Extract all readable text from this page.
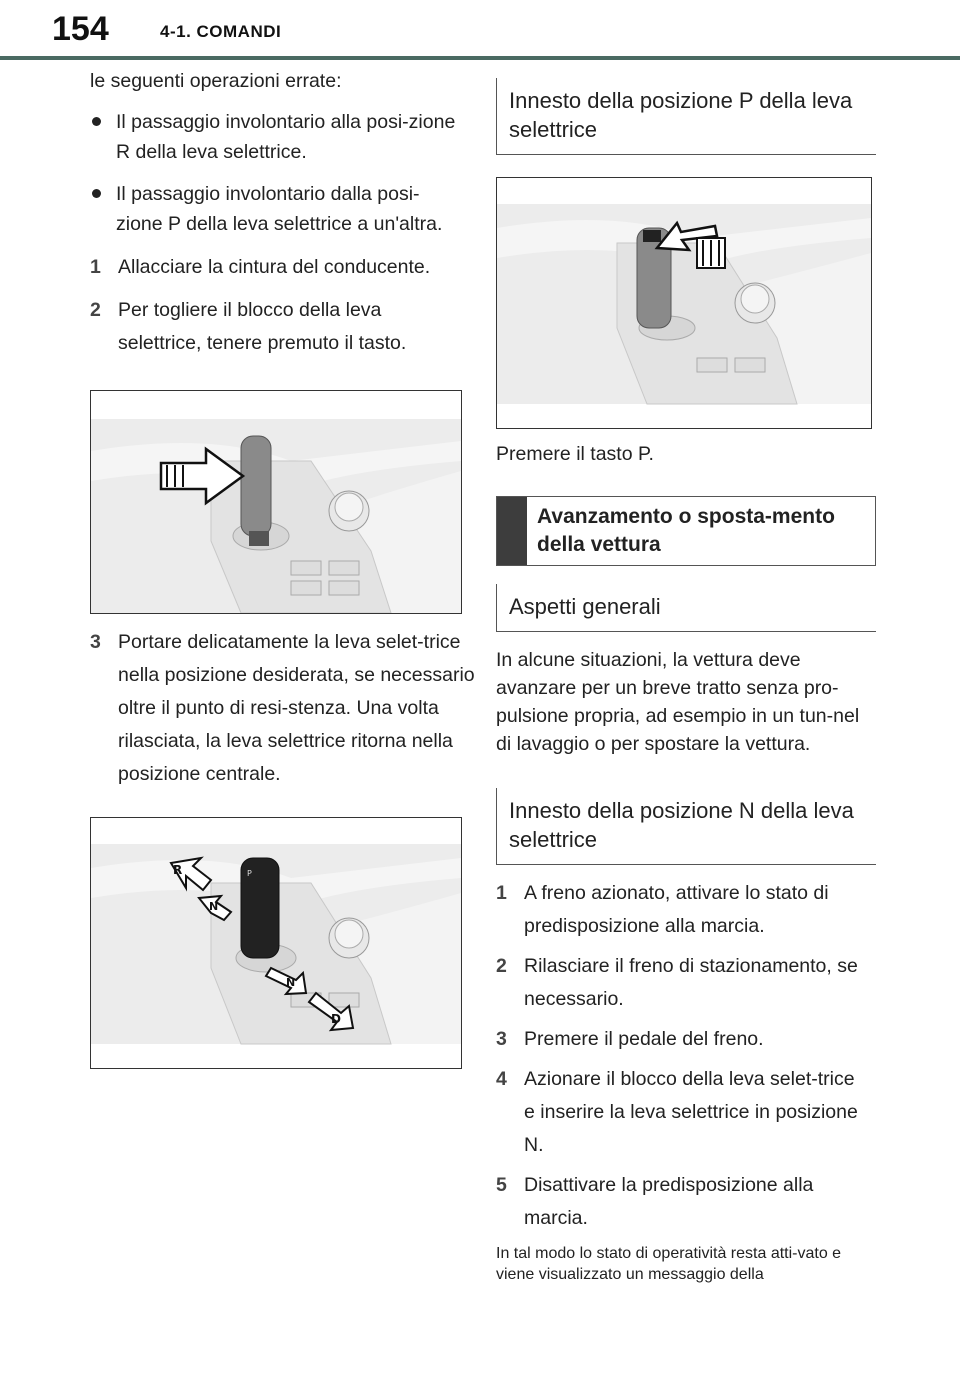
154	4-1. COMANDI

le seguenti operazioni errate:

Il passaggio involontario alla posi-zione R della leva selettrice.
Il passaggio involontario dalla posi-zione P della leva selettrice a un'altra.
1 Allacciare la cintura del conducente.
2 Per togliere il blocco della leva selettrice, tenere premuto il tasto.
3 Portare delicatamente la leva selet-trice nella posizione desiderata, se necessario oltre il punto di resi-stenza. Una volta rilasciata, la leva selettrice ritorna nella posizione centrale.
P
R
N
N
D
Innesto della posizione P della leva selettrice

Premere il tasto P.

Avanzamento o sposta-mento della vettura
Aspetti generali

In alcune situazioni, la vettura deve avanzare per un breve tratto senza pro-pulsione propria, ad esempio in un tun-nel di lavaggio o per spostare la vettura.

Innesto della posizione N della leva selettrice
1 A freno azionato, attivare lo stato di predisposizione alla marcia.
2 Rilasciare il freno di stazionamento, se necessario.
3 Premere il pedale del freno.
4 Azionare il blocco della leva selet-trice e inserire la leva selettrice in posizione N.
5 Disattivare la predisposizione alla marcia.

In tal modo lo stato di operatività resta atti-vato e viene visualizzato un messaggio della
